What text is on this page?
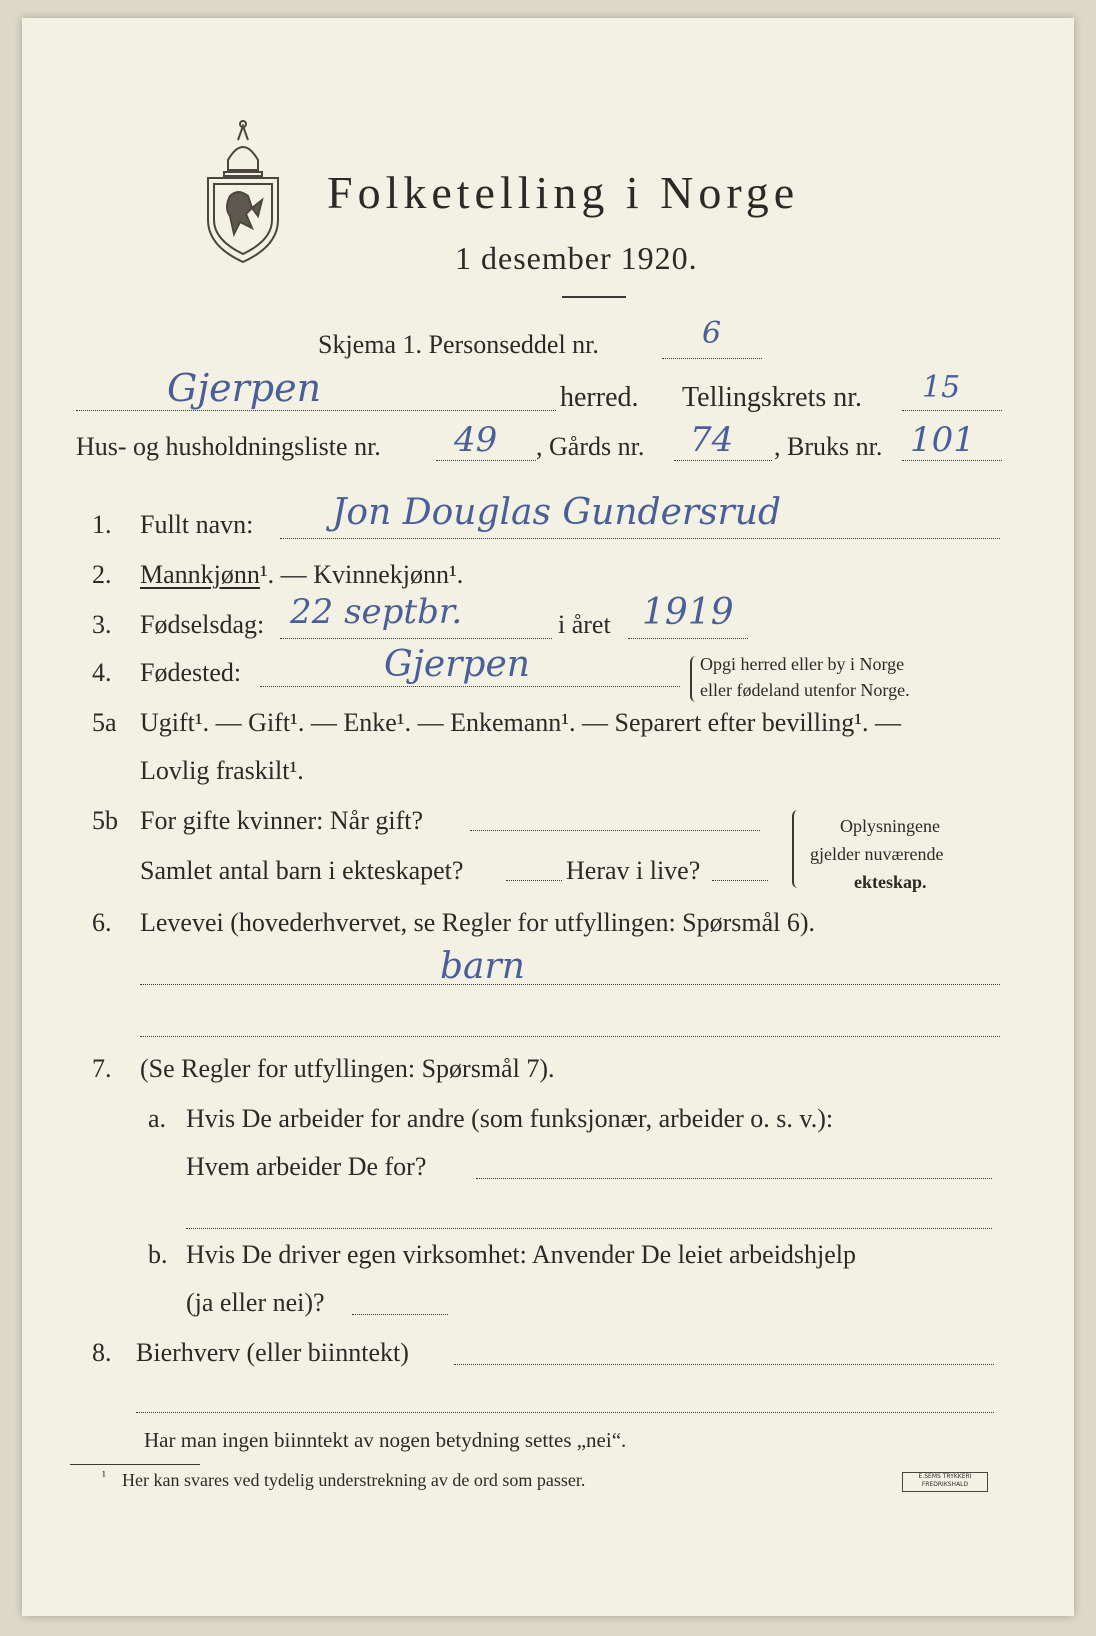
Folketelling i Norge
1 desember 1920.
Skjema 1. Personseddel nr.	6
Gjerpen	herred. Tellingskrets nr. 15
Hus- og husholdningsliste nr. 49 , Gårds nr. 74 , Bruks nr. 101
1. Fullt navn: Jon Douglas Gundersrud
2. Mannkjønn¹. — Kvinnekjønn¹.
3. Fødselsdag: 22 septbr.	i året 1919
4. Fødested:	Gjerpen	Opgi herred eller by i Norge
eller fødeland utenfor Norge.
5a Ugift¹. — Gift¹. — Enke¹. — Enkemann¹. — Separert efter bevilling¹. —
Lovlig fraskilt¹.
5b For gifte kvinner: Når gift?
Samlet antal barn i ekteskapet?	Herav i live?
Oplysningene
gjelder nuværende
ekteskap.
6. Levevei (hovederhvervet, se Regler for utfyllingen: Spørsmål 6).
barn
7. (Se Regler for utfyllingen: Spørsmål 7).
a. Hvis De arbeider for andre (som funksjonær, arbeider o. s. v.):
Hvem arbeider De for?
b. Hvis De driver egen virksomhet: Anvender De leiet arbeidshjelp
(ja eller nei)?
8. Bierhverv (eller biinntekt)
Har man ingen biinntekt av nogen betydning settes „nei“.
¹ Her kan svares ved tydelig understrekning av de ord som passer.	E.SEMS TRYKKERI
FREDRIKSHALD
